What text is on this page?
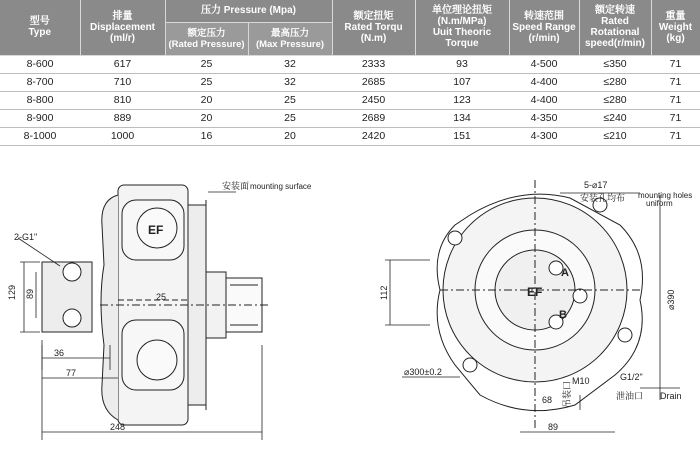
型号
Type	排量
Displacement
(ml/r)	压力 Pressure (Mpa)		额定扭矩
Rated Torqu
(N.m)	单位理论扭矩
(N.m/MPa)
Uuit Theoric Torque	转速范围
Speed Range
(r/min)	额定转速
Rated Rotational
speed(r/min)	重量
Weight
(kg)
		额定压力
(Rated Pressure)	最高压力
(Max Pressure)					
8-600	617	25	32	2333	93	4-500	≤350	71
8-700	710	25	32	2685	107	4-400	≤280	71
8-800	810	20	25	2450	123	4-400	≤280	71
8-900	889	20	25	2689	134	4-350	≤240	71
8-1000	1000	16	20	2420	151	4-300	≤210	71
EF
安装面 mounting surface
2-G1"
129 89	25
36
77
248
5-⌀17
安装孔均布 mounting holes
uniform
EF
A
B
112
⌀300±0.2
⌀390
G1/2"
泄油口 Drain
M10
吊装口
68
89
